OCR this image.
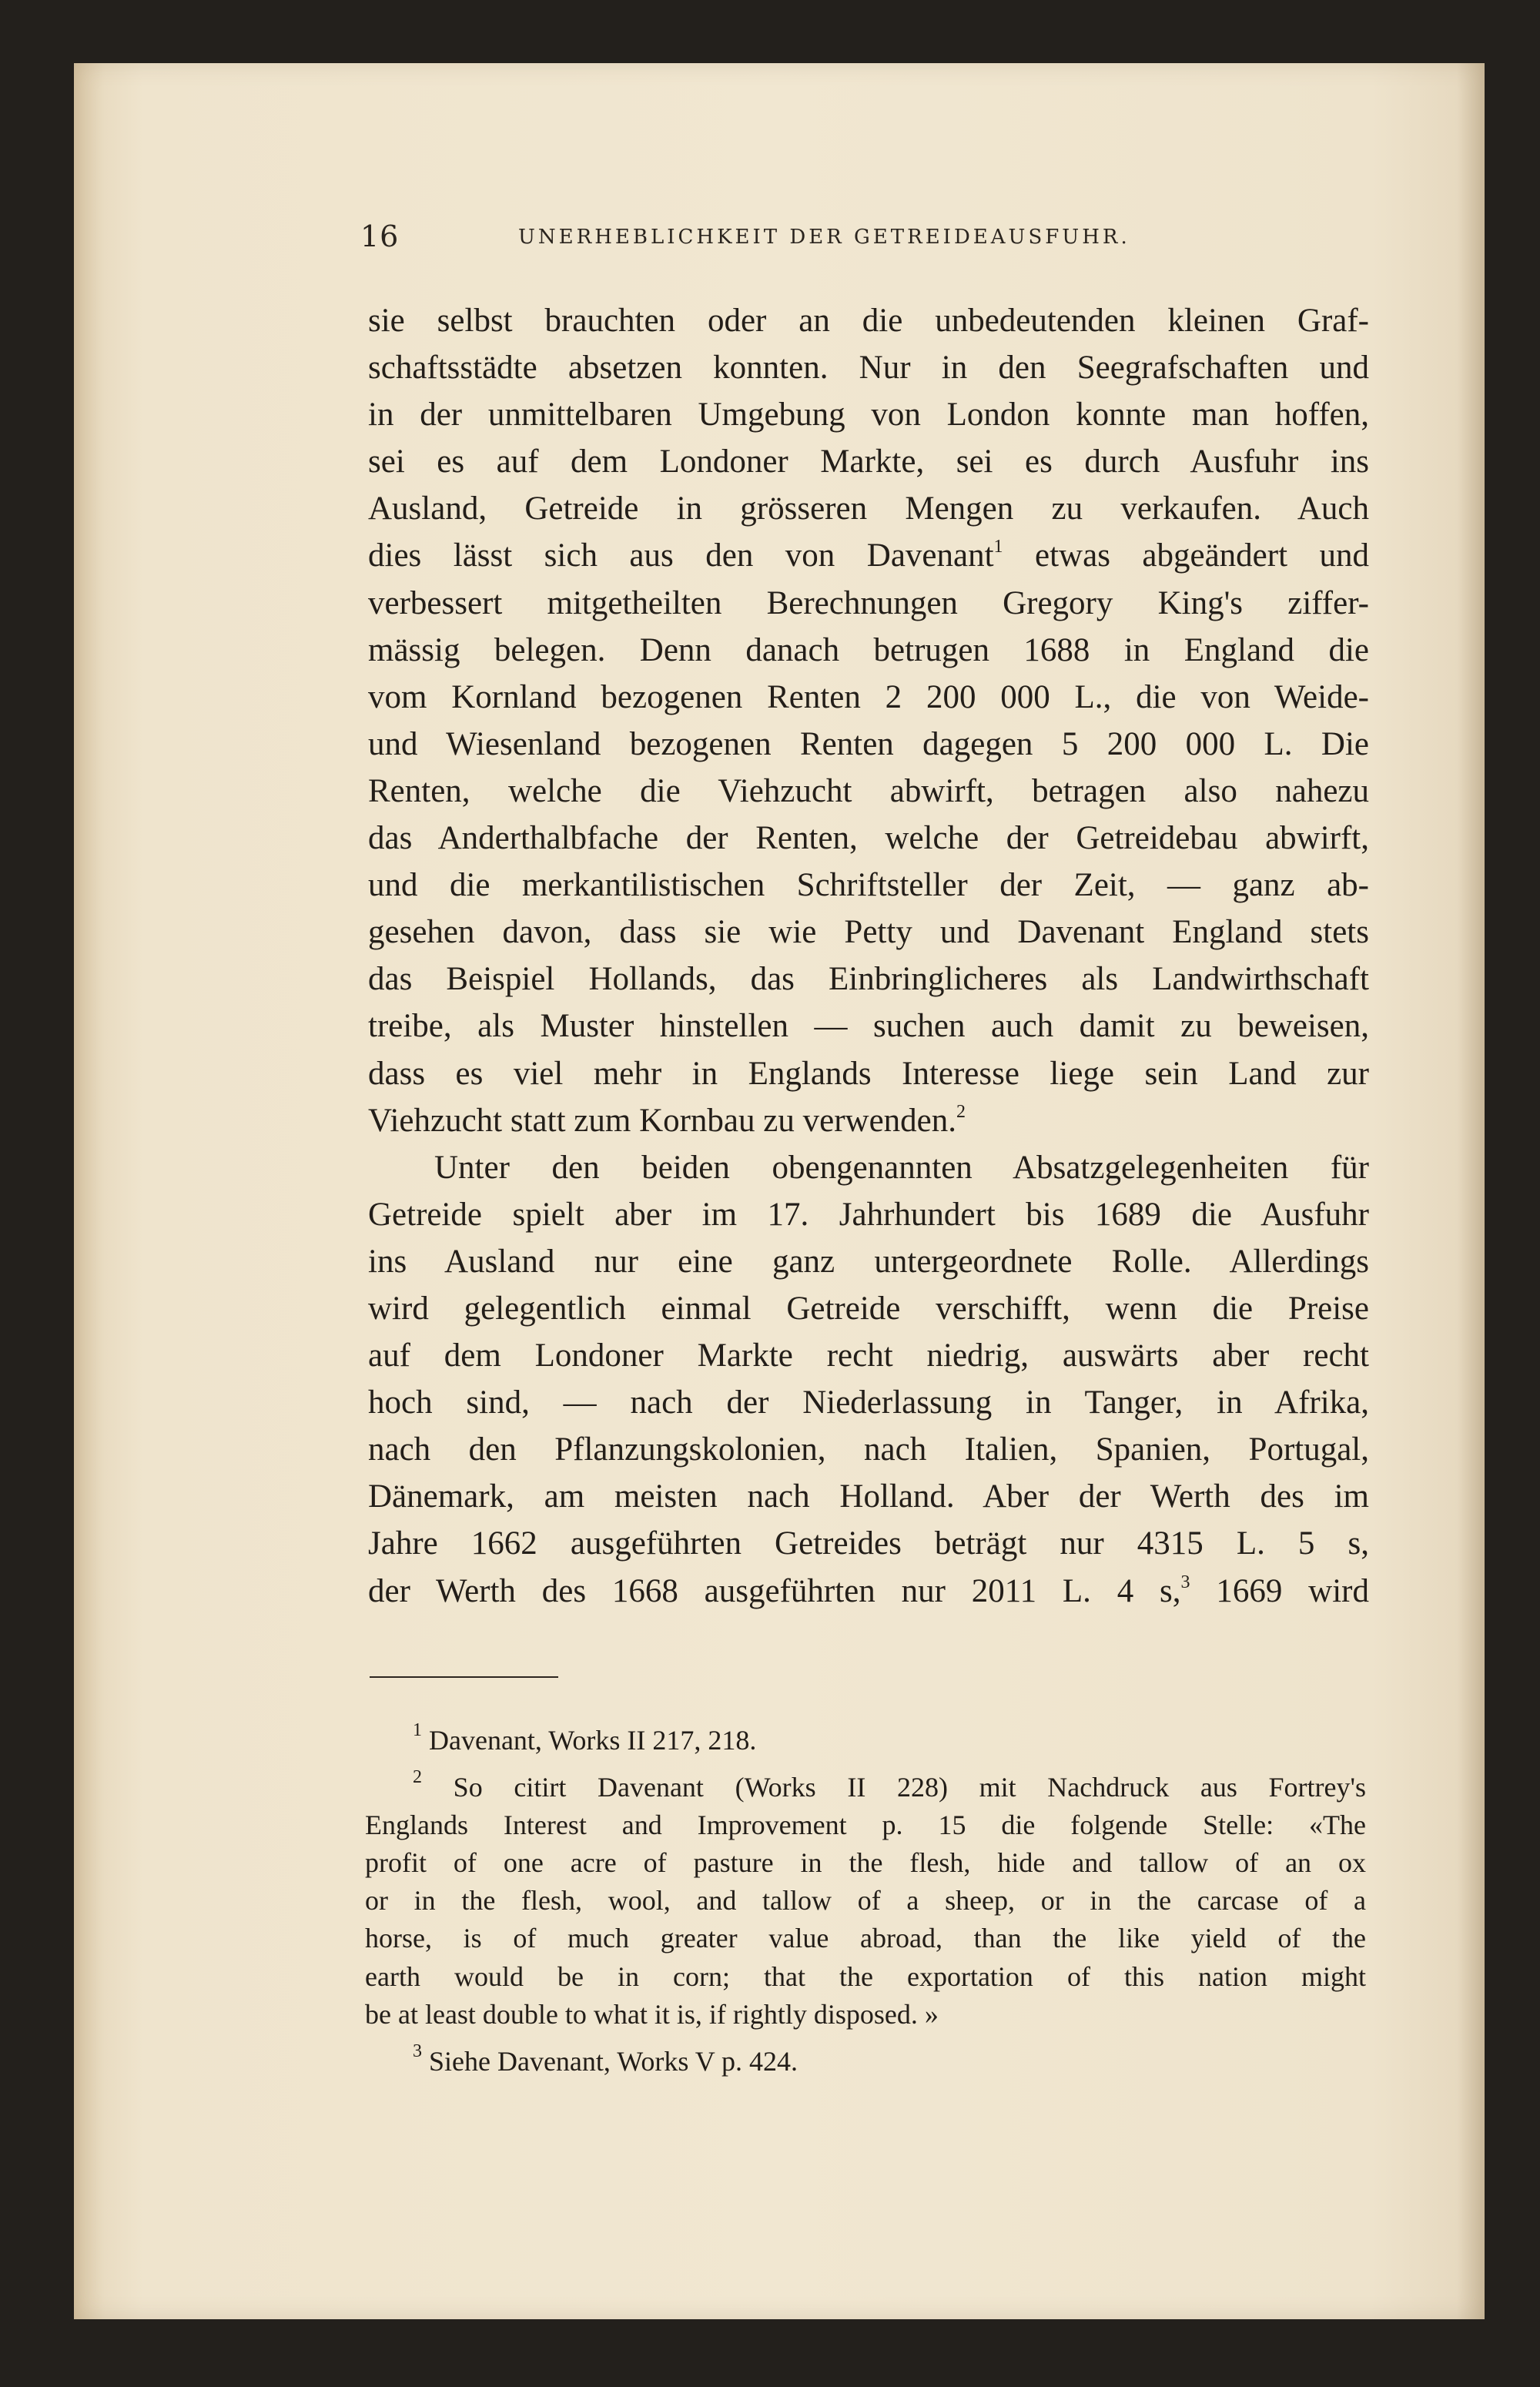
16	UNERHEBLICHKEIT DER GETREIDEAUSFUHR.
sie selbst brauchten oder an die unbedeutenden kleinen Graf-
schaftsstädte absetzen konnten. Nur in den Seegrafschaften und
in der unmittelbaren Umgebung von London konnte man hoffen,
sei es auf dem Londoner Markte, sei es durch Ausfuhr ins
Ausland, Getreide in grösseren Mengen zu verkaufen. Auch
dies lässt sich aus den von Davenant$^1$ etwas abgeändert und
verbessert mitgetheilten Berechnungen Gregory King's ziffer-
mässig belegen. Denn danach betrugen 1688 in England die
vom Kornland bezogenen Renten 2 200 000 L., die von Weide-
und Wiesenland bezogenen Renten dagegen 5 200 000 L. Die
Renten, welche die Viehzucht abwirft, betragen also nahezu
das Anderthalbfache der Renten, welche der Getreidebau abwirft,
und die merkantilistischen Schriftsteller der Zeit, — ganz ab-
gesehen davon, dass sie wie Petty und Davenant England stets
das Beispiel Hollands, das Einbringlicheres als Landwirthschaft
treibe, als Muster hinstellen — suchen auch damit zu beweisen,
dass es viel mehr in Englands Interesse liege sein Land zur
Viehzucht statt zum Kornbau zu verwenden.$^2$
Unter den beiden obengenannten Absatzgelegenheiten für
Getreide spielt aber im 17. Jahrhundert bis 1689 die Ausfuhr
ins Ausland nur eine ganz untergeordnete Rolle. Allerdings
wird gelegentlich einmal Getreide verschifft, wenn die Preise
auf dem Londoner Markte recht niedrig, auswärts aber recht
hoch sind, — nach der Niederlassung in Tanger, in Afrika,
nach den Pflanzungskolonien, nach Italien, Spanien, Portugal,
Dänemark, am meisten nach Holland. Aber der Werth des im
Jahre 1662 ausgeführten Getreides beträgt nur 4315 L. 5 s,
der Werth des 1668 ausgeführten nur 2011 L. 4 s,$^3$ 1669 wird
$^1$ Davenant, Works II 217, 218.
$^2$ So citirt Davenant (Works II 228) mit Nachdruck aus Fortrey's
Englands Interest and Improvement p. 15 die folgende Stelle: «The
profit of one acre of pasture in the flesh, hide and tallow of an ox
or in the flesh, wool, and tallow of a sheep, or in the carcase of a
horse, is of much greater value abroad, than the like yield of the
earth would be in corn; that the exportation of this nation might
be at least double to what it is, if rightly disposed. »
$^3$ Siehe Davenant, Works V p. 424.
